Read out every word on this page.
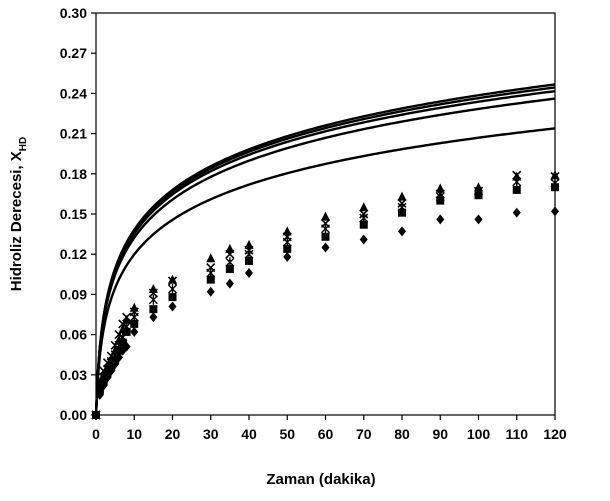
0.00
0.03
0.06
0.09
0.12
0.15
0.18
0.21
0.24
0.27
0.30
0 10 20 30 40 50 60 70 80 90 100 110 120
Zaman (dakika)
Hidroliz Derecesi, $X_{HD}$
